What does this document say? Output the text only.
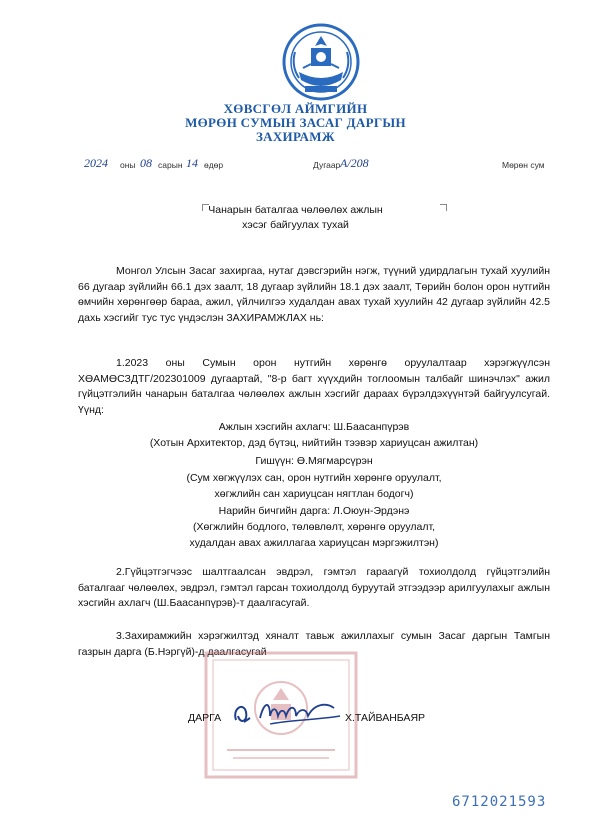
ХӨВСГӨЛ АЙМГИЙН
МӨРӨН СУМЫН ЗАСАГ ДАРГЫН
ЗАХИРАМЖ
2024 оны 08 сарын 14 өдөр	Дугаар А/208	Мөрөн сум
Чанарын баталгаа чөлөөлөх ажлын
хэсэг байгуулах тухай
Монгол Улсын Засаг захиргаа, нутаг дэвсгэрийн нэгж, түүний удирдлагын тухай хуулийн 66 дугаар зүйлийн 66.1 дэх заалт, 18 дугаар зүйлийн 18.1 дэх заалт, Төрийн болон орон нутгийн өмчийн хөрөнгөөр бараа, ажил, үйлчилгээ худалдан авах тухай хуулийн 42 дугаар зүйлийн 42.5 дахь хэсгийг тус тус үндэслэн ЗАХИРАМЖЛАХ нь:
1.2023 оны Сумын орон нутгийн хөрөнгө оруулалтаар хэрэгжүүлсэн ХӨАМӨСЗДТГ/202301009 дугаартай, "8-р багт хүүхдийн тоглоомын талбайг шинэчлэх" ажил гүйцэтгэлийн чанарын баталгаа чөлөөлөх ажлын хэсгийг дараах бүрэлдэхүүнтэй байгуулсугай. Үүнд:
Ажлын хэсгийн ахлагч: Ш.Баасанпүрэв
(Хотын Архитектор, дэд бүтэц, нийтийн тээвэр хариуцсан ажилтан)
Гишүүн: Ө.Мягмарсүрэн
(Сум хөгжүүлэх сан, орон нутгийн хөрөнгө оруулалт,
хөгжлийн сан хариуцсан нягтлан бодогч)
Нарийн бичгийн дарга: Л.Оюун-Эрдэнэ
(Хөгжлийн бодлого, төлөвлөлт, хөрөнгө оруулалт,
худалдан авах ажиллагаа хариуцсан мэргэжилтэн)
2.Гүйцэтгэгчээс шалтгаалсан эвдрэл, гэмтэл гараагүй тохиолдолд гүйцэтгэлийн баталгааг чөлөөлөх, эвдрэл, гэмтэл гарсан тохиолдолд буруутай этгээдээр арилгуулахыг ажлын хэсгийн ахлагч (Ш.Баасанпүрэв)-т даалгасугай.
3.Захирамжийн хэрэгжилтэд хяналт тавьж ажиллахыг сумын Засаг даргын Тамгын газрын дарга (Б.Нэргүй)-д даалгасугай
ДАРГА	Х.ТАЙВАНБАЯР
6712021593
